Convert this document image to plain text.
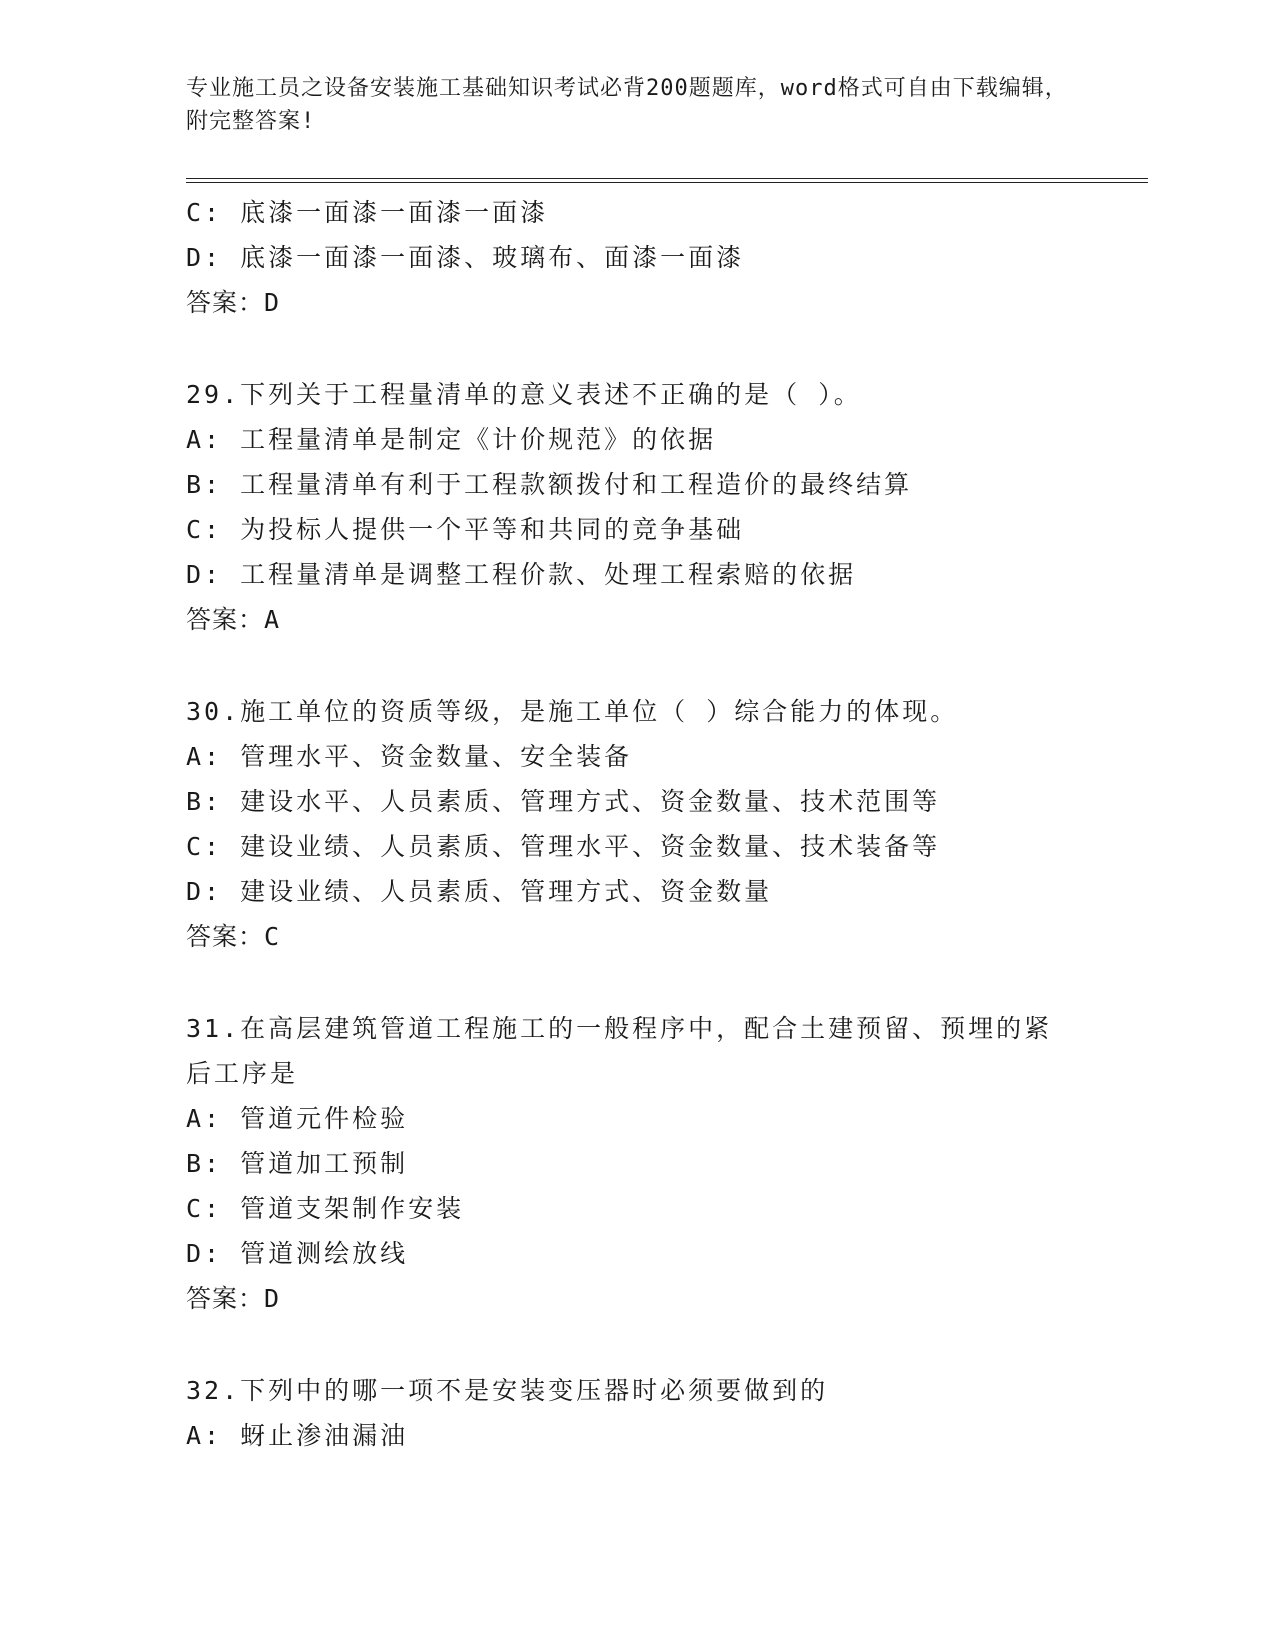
专业施工员之设备安装施工基础知识考试必背200题题库，word格式可自由下载编辑，附完整答案!
C: 底漆一面漆一面漆一面漆
D: 底漆一面漆一面漆、玻璃布、面漆一面漆
答案：D
29.下列关于工程量清单的意义表述不正确的是（ ）。
A: 工程量清单是制定《计价规范》的依据
B: 工程量清单有利于工程款额拨付和工程造价的最终结算
C: 为投标人提供一个平等和共同的竞争基础
D: 工程量清单是调整工程价款、处理工程索赔的依据
答案：A
30.施工单位的资质等级，是施工单位（ ）综合能力的体现。
A: 管理水平、资金数量、安全装备
B: 建设水平、人员素质、管理方式、资金数量、技术范围等
C: 建设业绩、人员素质、管理水平、资金数量、技术装备等
D: 建设业绩、人员素质、管理方式、资金数量
答案：C
31.在高层建筑管道工程施工的一般程序中，配合土建预留、预埋的紧
后工序是
A: 管道元件检验
B: 管道加工预制
C: 管道支架制作安装
D: 管道测绘放线
答案：D
32.下列中的哪一项不是安装变压器时必须要做到的
A: 蚜止渗油漏油
